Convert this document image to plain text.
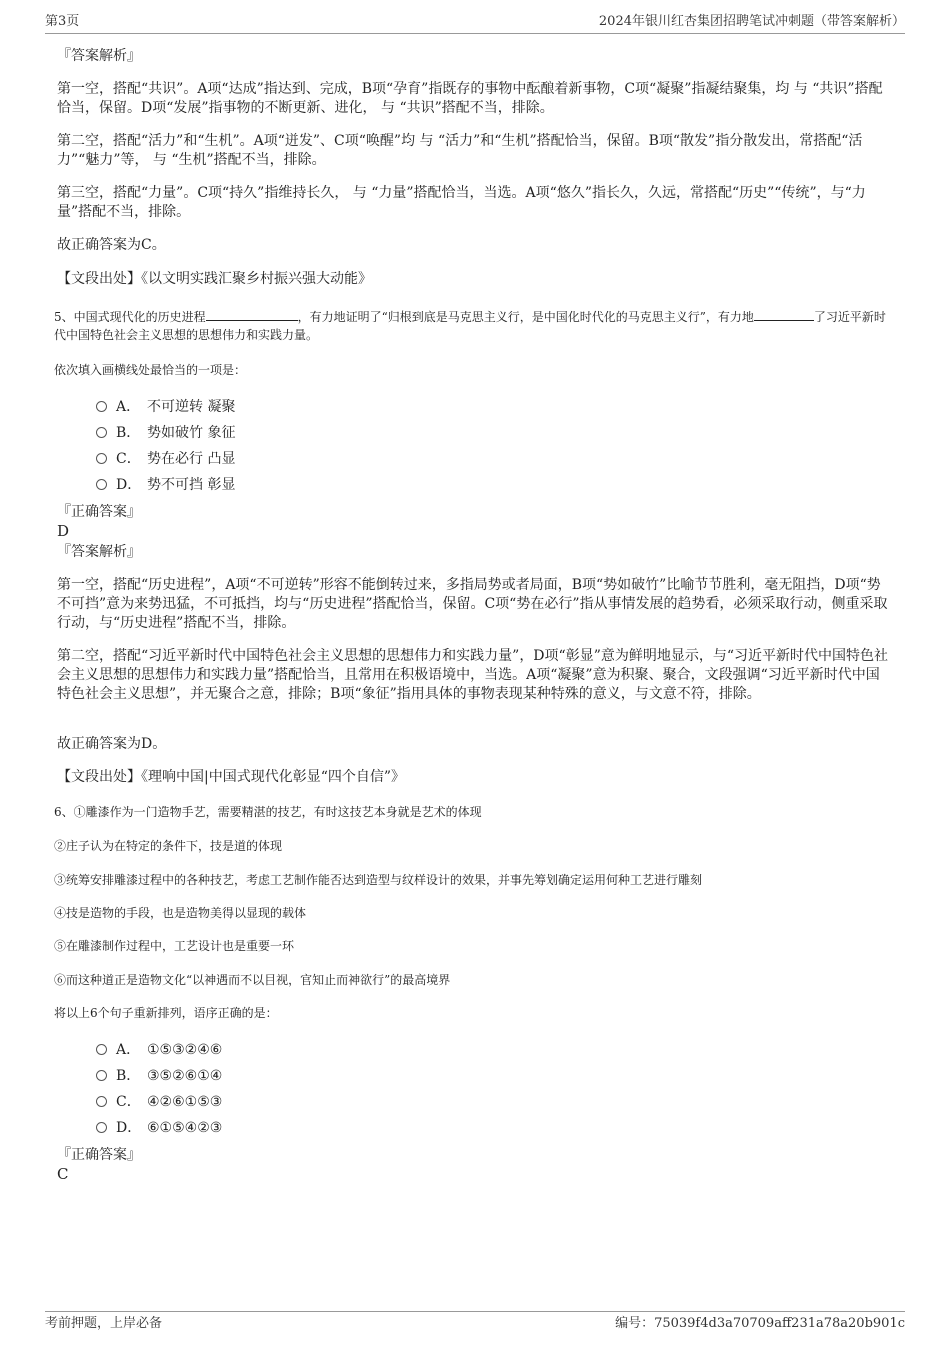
第3页	2024年银川红杏集团招聘笔试冲刺题（带答案解析）

『答案解析』

第一空，搭配“共识”。A项“达成”指达到、完成，B项“孕育”指既存的事物中酝酿着新事物，C项“凝聚”指凝结聚集，均 与 “共识”搭配恰当，保留。D项“发展”指事物的不断更新、进化， 与 “共识”搭配不当，排除。

第二空，搭配“活力”和“生机”。A项“迸发”、C项“唤醒”均 与 “活力”和“生机”搭配恰当，保留。B项“散发”指分散发出，常搭配“活力”“魅力”等， 与 “生机”搭配不当，排除。

第三空，搭配“力量”。C项“持久”指维持长久， 与 “力量”搭配恰当，当选。A项“悠久”指长久，久远，常搭配“历史”“传统”，与“力量”搭配不当，排除。

故正确答案为C。

【文段出处】《以文明实践汇聚乡村振兴强大动能》

5、中国式现代化的历史进程	，有力地证明了“归根到底是马克思主义行，是中国化时代化的马克思主义行”，有力地	了习近平新时代中国特色社会主义思想的思想伟力和实践力量。

依次填入画横线处最恰当的一项是：

A． 不可逆转 凝聚
B． 势如破竹 象征
C． 势在必行 凸显
D． 势不可挡 彰显

『正确答案』

D

『答案解析』

第一空，搭配“历史进程”，A项“不可逆转”形容不能倒转过来，多指局势或者局面，B项“势如破竹”比喻节节胜利，毫无阻挡，D项“势不可挡”意为来势迅猛，不可抵挡，均与“历史进程”搭配恰当，保留。C项“势在必行”指从事情发展的趋势看，必须采取行动，侧重采取行动，与“历史进程”搭配不当，排除。

第二空，搭配“习近平新时代中国特色社会主义思想的思想伟力和实践力量”，D项“彰显”意为鲜明地显示，与“习近平新时代中国特色社会主义思想的思想伟力和实践力量”搭配恰当，且常用在积极语境中，当选。A项“凝聚”意为积聚、聚合，文段强调“习近平新时代中国特色社会主义思想”，并无聚合之意，排除；B项“象征”指用具体的事物表现某种特殊的意义，与文意不符，排除。

故正确答案为D。

【文段出处】《理响中国|中国式现代化彰显“四个自信”》

6、①雕漆作为一门造物手艺，需要精湛的技艺，有时这技艺本身就是艺术的体现

②庄子认为在特定的条件下，技是道的体现

③统筹安排雕漆过程中的各种技艺，考虑工艺制作能否达到造型与纹样设计的效果，并事先筹划确定运用何种工艺进行雕刻

④技是造物的手段，也是造物美得以显现的载体

⑤在雕漆制作过程中，工艺设计也是重要一环

⑥而这种道正是造物文化“以神遇而不以目视，官知止而神欲行”的最高境界

将以上6个句子重新排列，语序正确的是：

A． ①⑤③②④⑥
B． ③⑤②⑥①④
C． ④②⑥①⑤③
D． ⑥①⑤④②③

『正确答案』

C
考前押题，上岸必备	编号：75039f4d3a70709aff231a78a20b901c
